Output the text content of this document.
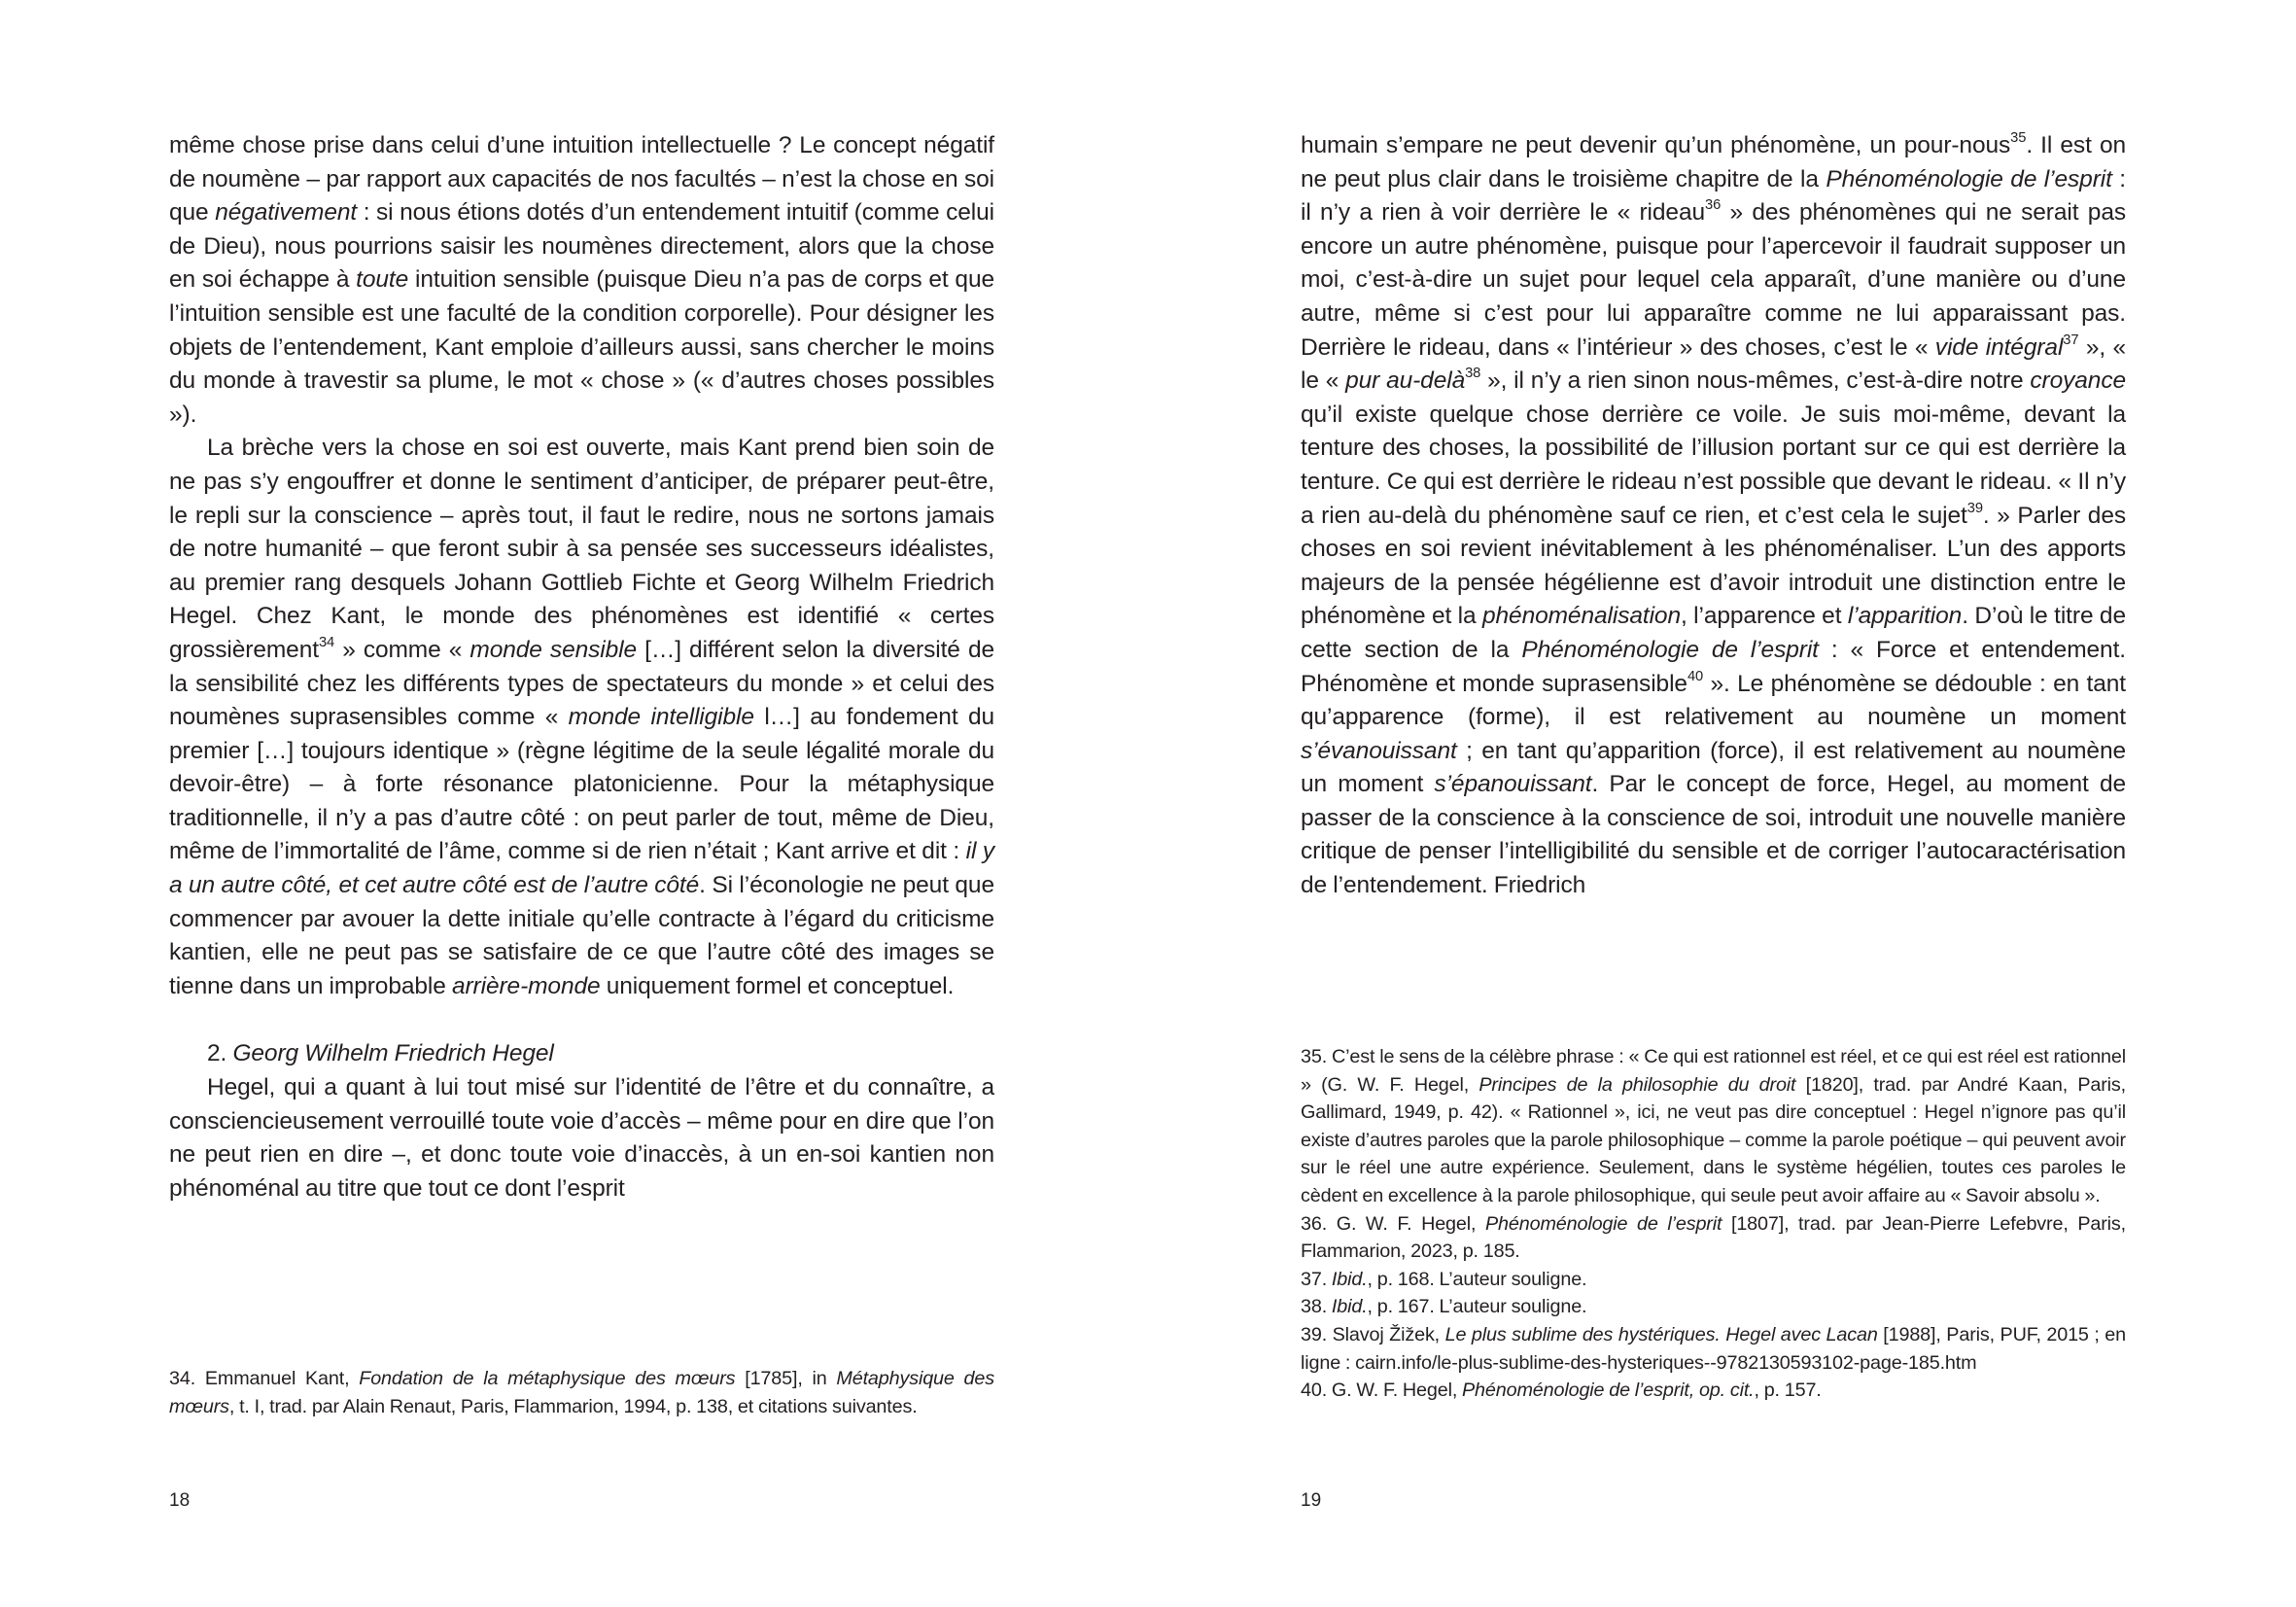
même chose prise dans celui d’une intuition intellectuelle ? Le concept négatif de noumène – par rapport aux capacités de nos facultés – n’est la chose en soi que négativement : si nous étions dotés d’un entendement intuitif (comme celui de Dieu), nous pourrions saisir les noumènes directement, alors que la chose en soi échappe à toute intuition sensible (puisque Dieu n’a pas de corps et que l’intuition sensible est une faculté de la condition corporelle). Pour désigner les objets de l’entendement, Kant emploie d’ailleurs aussi, sans chercher le moins du monde à travestir sa plume, le mot « chose » (« d’autres choses possibles »).

La brèche vers la chose en soi est ouverte, mais Kant prend bien soin de ne pas s’y engouffrer et donne le sentiment d’anticiper, de préparer peut-être, le repli sur la conscience – après tout, il faut le redire, nous ne sortons jamais de notre humanité – que feront subir à sa pensée ses successeurs idéalistes, au premier rang desquels Johann Gottlieb Fichte et Georg Wilhelm Friedrich Hegel. Chez Kant, le monde des phénomènes est identifié « certes grossièrement$^{34}$ » comme « monde sensible […] différent selon la diversité de la sensibilité chez les différents types de spectateurs du monde » et celui des noumènes suprasensibles comme « monde intelligible l…] au fondement du premier […] toujours identique » (règne légitime de la seule légalité morale du devoir-être) – à forte résonance platonicienne. Pour la métaphysique traditionnelle, il n’y a pas d’autre côté : on peut parler de tout, même de Dieu, même de l’immortalité de l’âme, comme si de rien n’était ; Kant arrive et dit : il y a un autre côté, et cet autre côté est de l’autre côté. Si l’éconologie ne peut que commencer par avouer la dette initiale qu’elle contracte à l’égard du criticisme kantien, elle ne peut pas se satisfaire de ce que l’autre côté des images se tienne dans un improbable arrière-monde uniquement formel et conceptuel.

2. Georg Wilhelm Friedrich Hegel

Hegel, qui a quant à lui tout misé sur l’identité de l’être et du connaître, a consciencieusement verrouillé toute voie d’accès – même pour en dire que l’on ne peut rien en dire –, et donc toute voie d’inaccès, à un en-soi kantien non phénoménal au titre que tout ce dont l’esprit

34. Emmanuel Kant, Fondation de la métaphysique des mœurs [1785], in Métaphysique des mœurs, t. I, trad. par Alain Renaut, Paris, Flammarion, 1994, p. 138, et citations suivantes.

18

humain s’empare ne peut devenir qu’un phénomène, un pour-nous$^{35}$. Il est on ne peut plus clair dans le troisième chapitre de la Phénoménologie de l’esprit : il n’y a rien à voir derrière le « rideau$^{36}$ » des phénomènes qui ne serait pas encore un autre phénomène, puisque pour l’apercevoir il faudrait supposer un moi, c’est-à-dire un sujet pour lequel cela apparaît, d’une manière ou d’une autre, même si c’est pour lui apparaître comme ne lui apparaissant pas. Derrière le rideau, dans « l’intérieur » des choses, c’est le « vide intégral$^{37}$ », « le « pur au-delà$^{38}$ », il n’y a rien sinon nous-mêmes, c’est-à-dire notre croyance qu’il existe quelque chose derrière ce voile. Je suis moi-même, devant la tenture des choses, la possibilité de l’illusion portant sur ce qui est derrière la tenture. Ce qui est derrière le rideau n’est possible que devant le rideau. « Il n’y a rien au-delà du phénomène sauf ce rien, et c’est cela le sujet$^{39}$. » Parler des choses en soi revient inévitablement à les phénoménaliser. L’un des apports majeurs de la pensée hégélienne est d’avoir introduit une distinction entre le phénomène et la phénoménalisation, l’apparence et l’apparition. D’où le titre de cette section de la Phénoménologie de l’esprit : « Force et entendement. Phénomène et monde suprasensible$^{40}$ ». Le phénomène se dédouble : en tant qu’apparence (forme), il est relativement au noumène un moment s’évanouissant ; en tant qu’apparition (force), il est relativement au noumène un moment s’épanouissant. Par le concept de force, Hegel, au moment de passer de la conscience à la conscience de soi, introduit une nouvelle manière critique de penser l’intelligibilité du sensible et de corriger l’autocaractérisation de l’entendement. Friedrich

35. C’est le sens de la célèbre phrase : « Ce qui est rationnel est réel, et ce qui est réel est rationnel » (G. W. F. Hegel, Principes de la philosophie du droit [1820], trad. par André Kaan, Paris, Gallimard, 1949, p. 42). « Rationnel », ici, ne veut pas dire conceptuel : Hegel n’ignore pas qu’il existe d’autres paroles que la parole philosophique – comme la parole poétique – qui peuvent avoir sur le réel une autre expérience. Seulement, dans le système hégélien, toutes ces paroles le cèdent en excellence à la parole philosophique, qui seule peut avoir affaire au « Savoir absolu ».

36. G. W. F. Hegel, Phénoménologie de l’esprit [1807], trad. par Jean-Pierre Lefebvre, Paris, Flammarion, 2023, p. 185.

37. Ibid., p. 168. L’auteur souligne.

38. Ibid., p. 167. L’auteur souligne.

39. Slavoj Žižek, Le plus sublime des hystériques. Hegel avec Lacan [1988], Paris, PUF, 2015 ; en ligne : cairn.info/le-plus-sublime-des-hysteriques--9782130593102-page-185.htm

40. G. W. F. Hegel, Phénoménologie de l’esprit, op. cit., p. 157.

19
